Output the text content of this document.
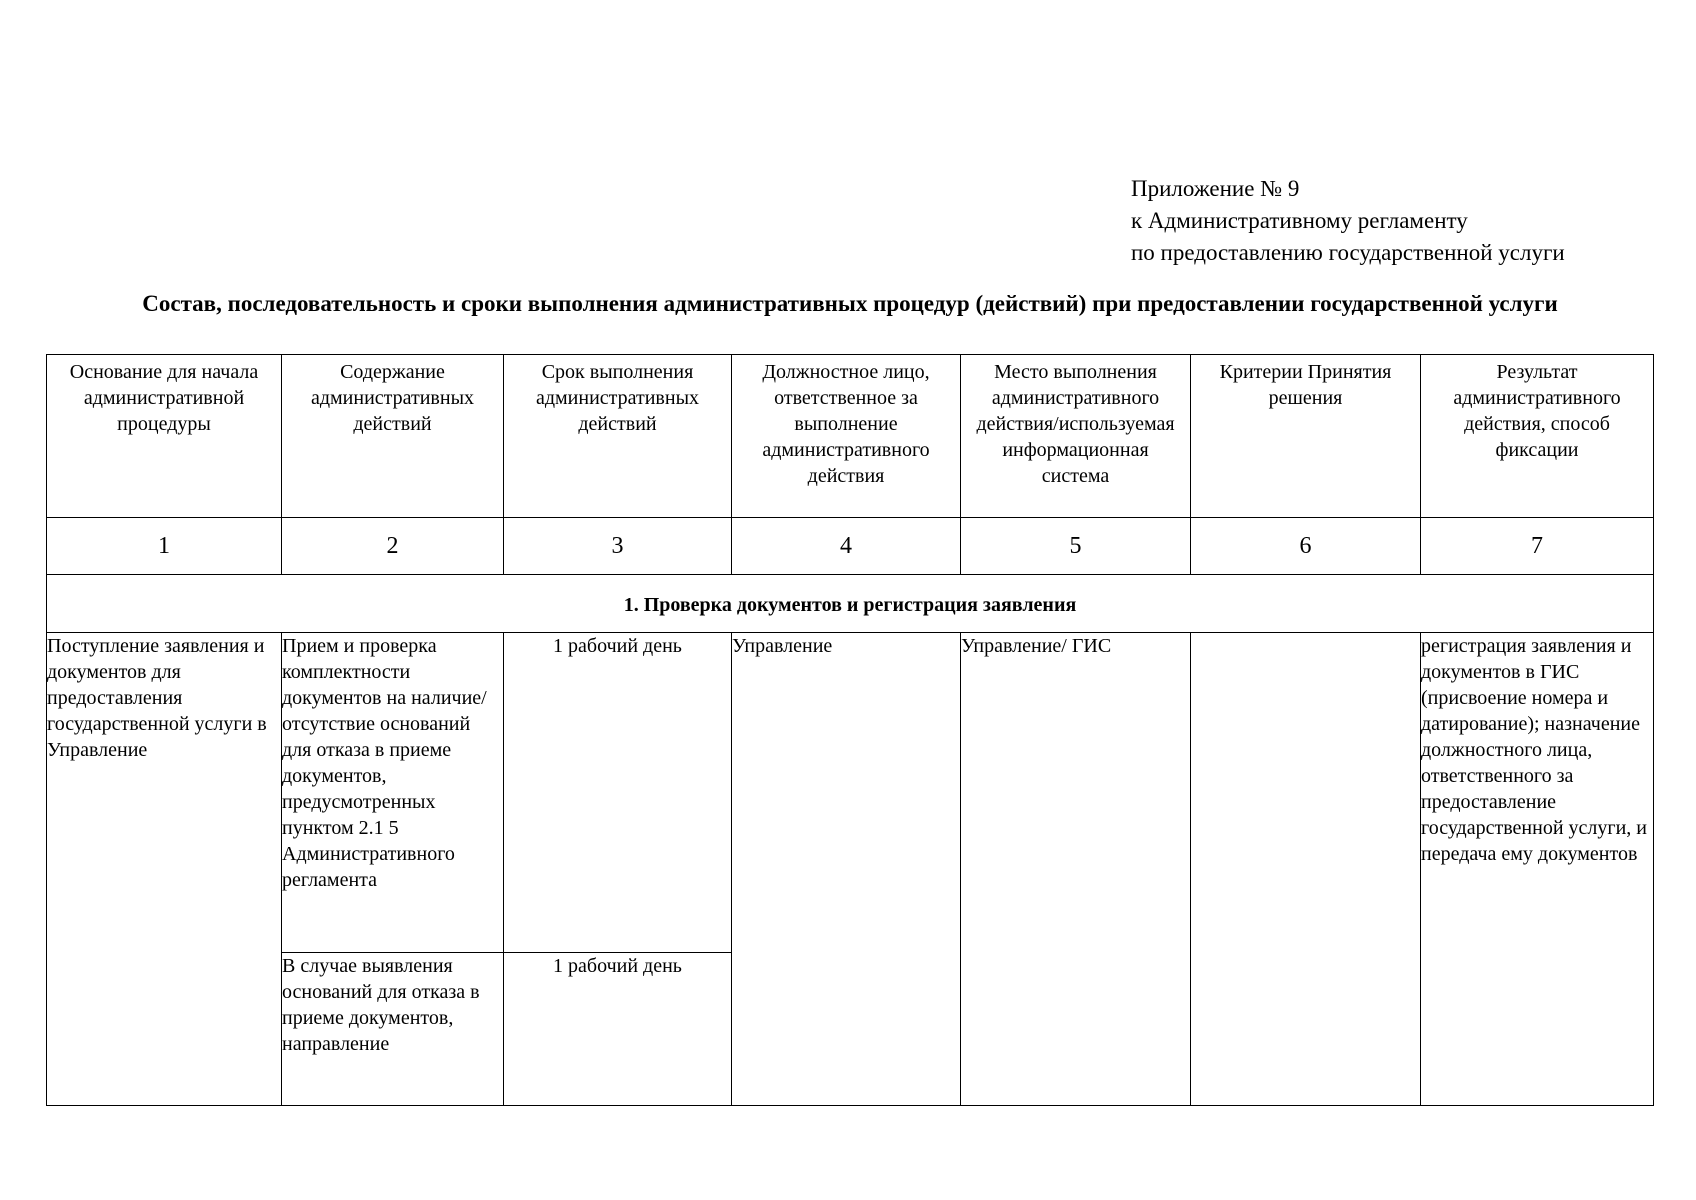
Приложение № 9
к Административному регламенту
по предоставлению государственной услуги
Состав, последовательность и сроки выполнения административных процедур (действий) при предоставлении государственной услуги
Основание для начала административной процедуры	Содержание административных действий	Срок выполнения административных действий	Должностное лицо, ответственное за выполнение административного действия	Место выполнения административного действия/используемая информационная система	Критерии Принятия решения	Результат административного действия, способ фиксации
1	2	3	4	5	6	7
1. Проверка документов и регистрация заявления						
Поступление заявления и документов для предоставления государственной услуги в Управление	Прием и проверка комплектности документов на наличие/отсутствие оснований для отказа в приеме документов, предусмотренных пунктом 2.1 5 Административного регламента	1 рабочий день	Управление	Управление/ ГИС		регистрация заявления и документов в ГИС (присвоение номера и датирование); назначение должностного лица, ответственного за предоставление государственной услуги, и передача ему документов

	В случае выявления оснований для отказа в приеме документов, направление	1 рабочий день				
